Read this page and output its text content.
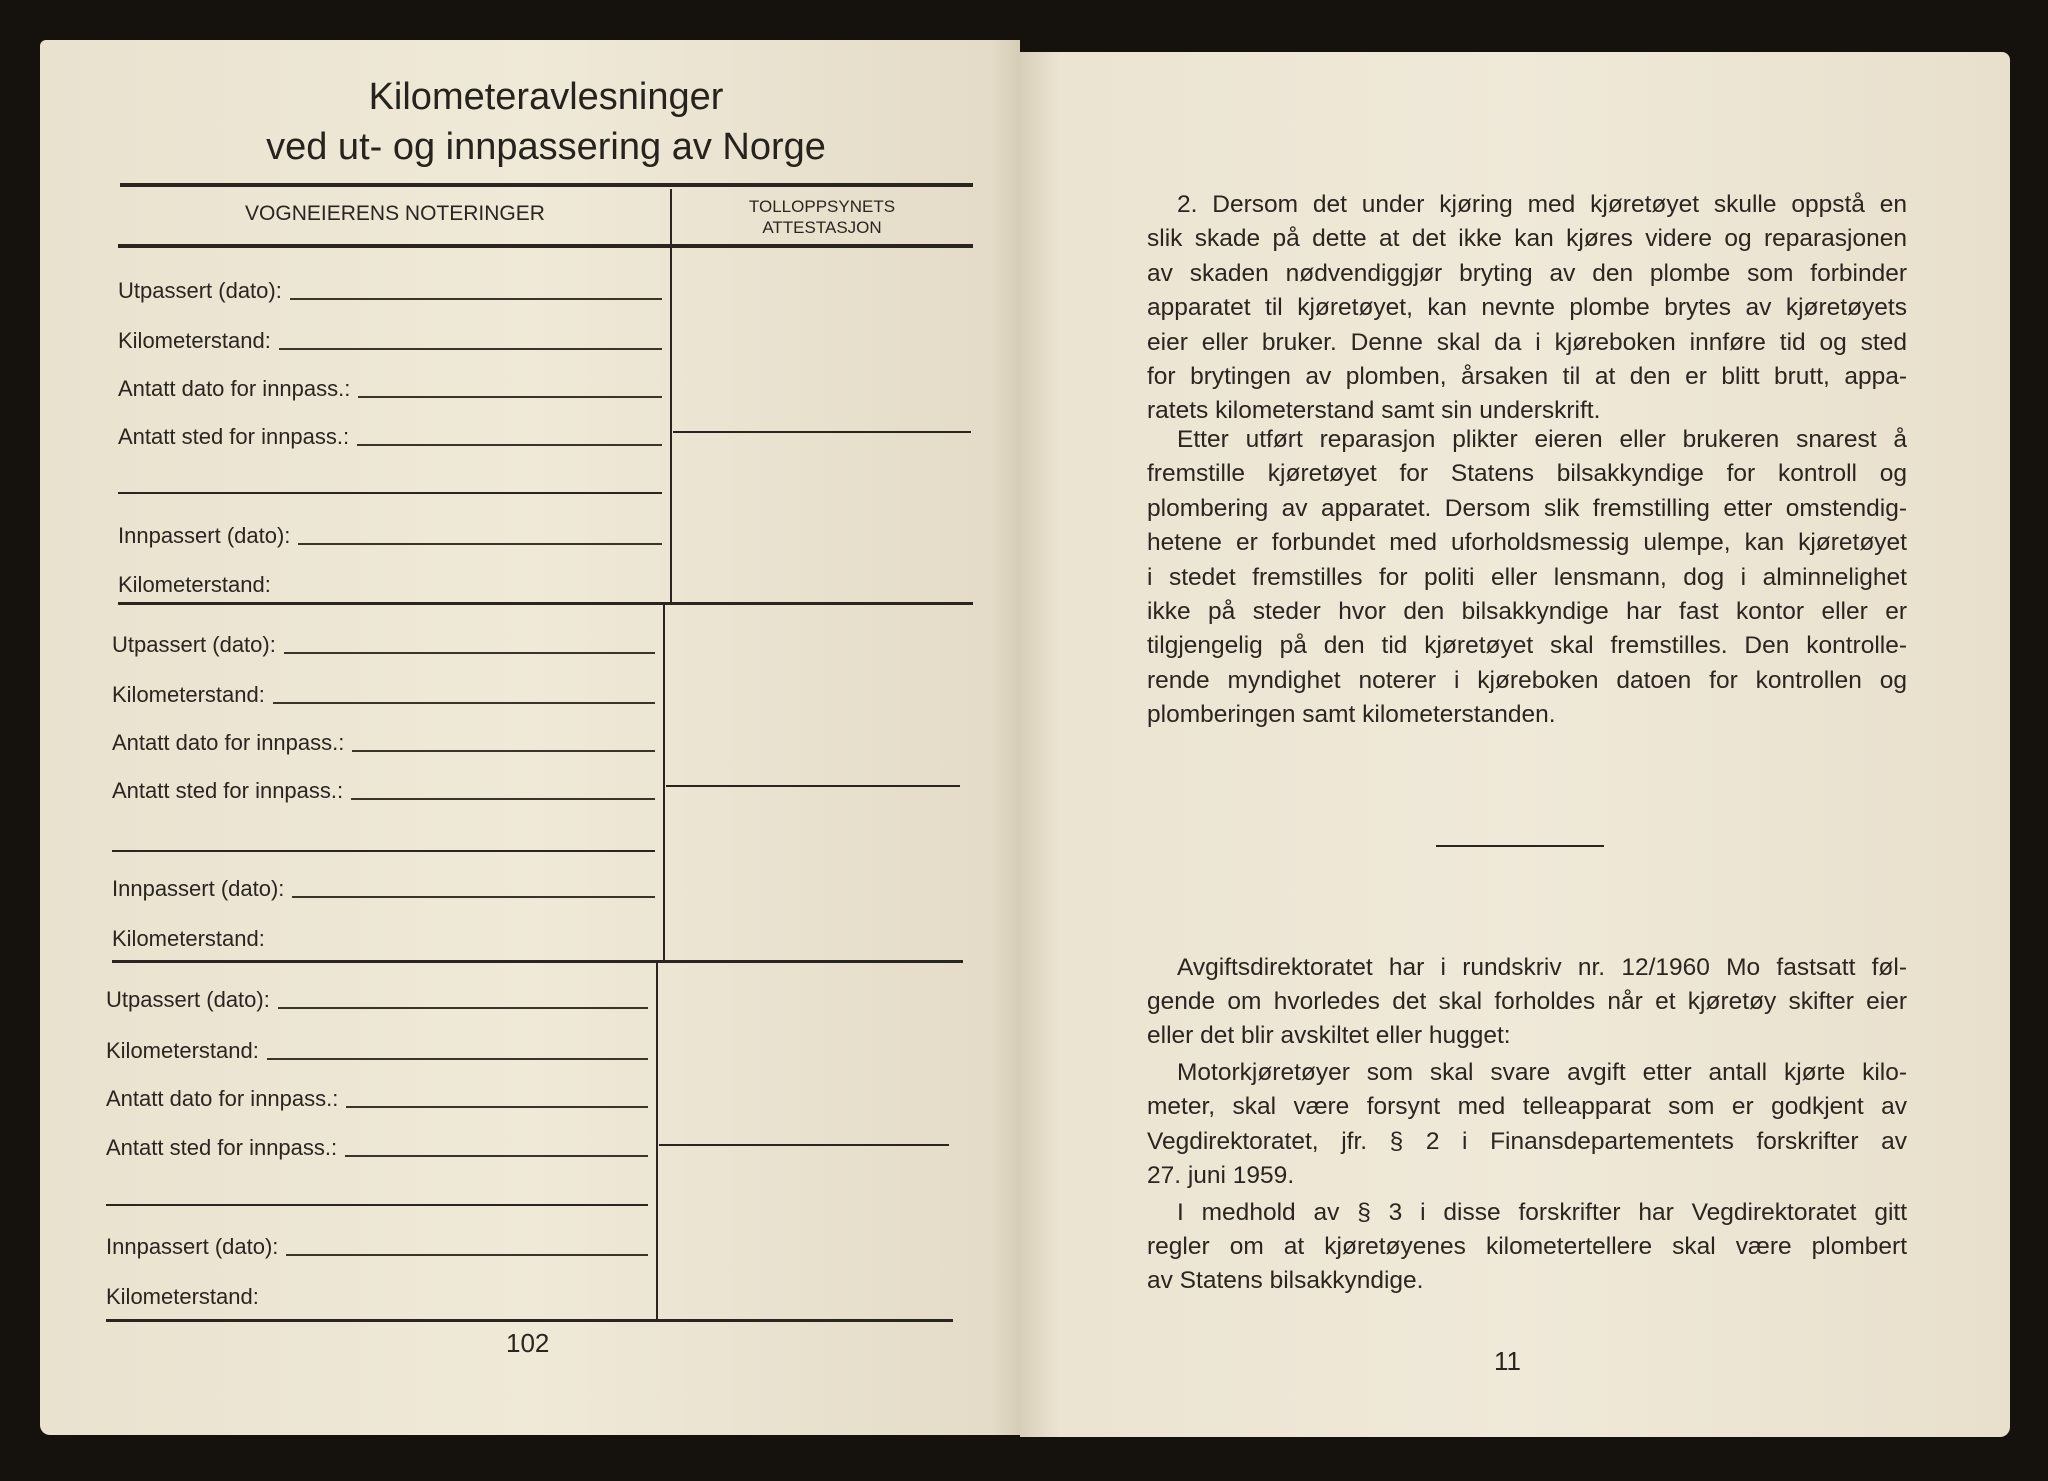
Kilometeravlesninger
ved ut- og innpassering av Norge
VOGNEIERENS NOTERINGER	TOLLOPPSYNETS
ATTESTASJON
Utpassert (dato):
Kilometerstand:
Antatt dato for innpass.:
Antatt sted for innpass.:
Innpassert (dato):
Kilometerstand:
Utpassert (dato):
Kilometerstand:
Antatt dato for innpass.:
Antatt sted for innpass.:
Innpassert (dato):
Kilometerstand:
Utpassert (dato):
Kilometerstand:
Antatt dato for innpass.:
Antatt sted for innpass.:
Innpassert (dato):
Kilometerstand:
102
2. Dersom det under kjøring med kjøretøyet skulle oppstå en
slik skade på dette at det ikke kan kjøres videre og reparasjonen
av skaden nødvendiggjør bryting av den plombe som forbinder
apparatet til kjøretøyet, kan nevnte plombe brytes av kjøretøyets
eier eller bruker. Denne skal da i kjøreboken innføre tid og sted
for brytingen av plomben, årsaken til at den er blitt brutt, appa-
ratets kilometerstand samt sin underskrift.
Etter utført reparasjon plikter eieren eller brukeren snarest å
fremstille kjøretøyet for Statens bilsakkyndige for kontroll og
plombering av apparatet. Dersom slik fremstilling etter omstendig-
hetene er forbundet med uforholdsmessig ulempe, kan kjøretøyet
i stedet fremstilles for politi eller lensmann, dog i alminnelighet
ikke på steder hvor den bilsakkyndige har fast kontor eller er
tilgjengelig på den tid kjøretøyet skal fremstilles. Den kontrolle-
rende myndighet noterer i kjøreboken datoen for kontrollen og
plomberingen samt kilometerstanden.
Avgiftsdirektoratet har i rundskriv nr. 12/1960 Mo fastsatt føl-
gende om hvorledes det skal forholdes når et kjøretøy skifter eier
eller det blir avskiltet eller hugget:
Motorkjøretøyer som skal svare avgift etter antall kjørte kilo-
meter, skal være forsynt med telleapparat som er godkjent av
Vegdirektoratet, jfr. § 2 i Finansdepartementets forskrifter av
27. juni 1959.
I medhold av § 3 i disse forskrifter har Vegdirektoratet gitt
regler om at kjøretøyenes kilometertellere skal være plombert
av Statens bilsakkyndige.
11
